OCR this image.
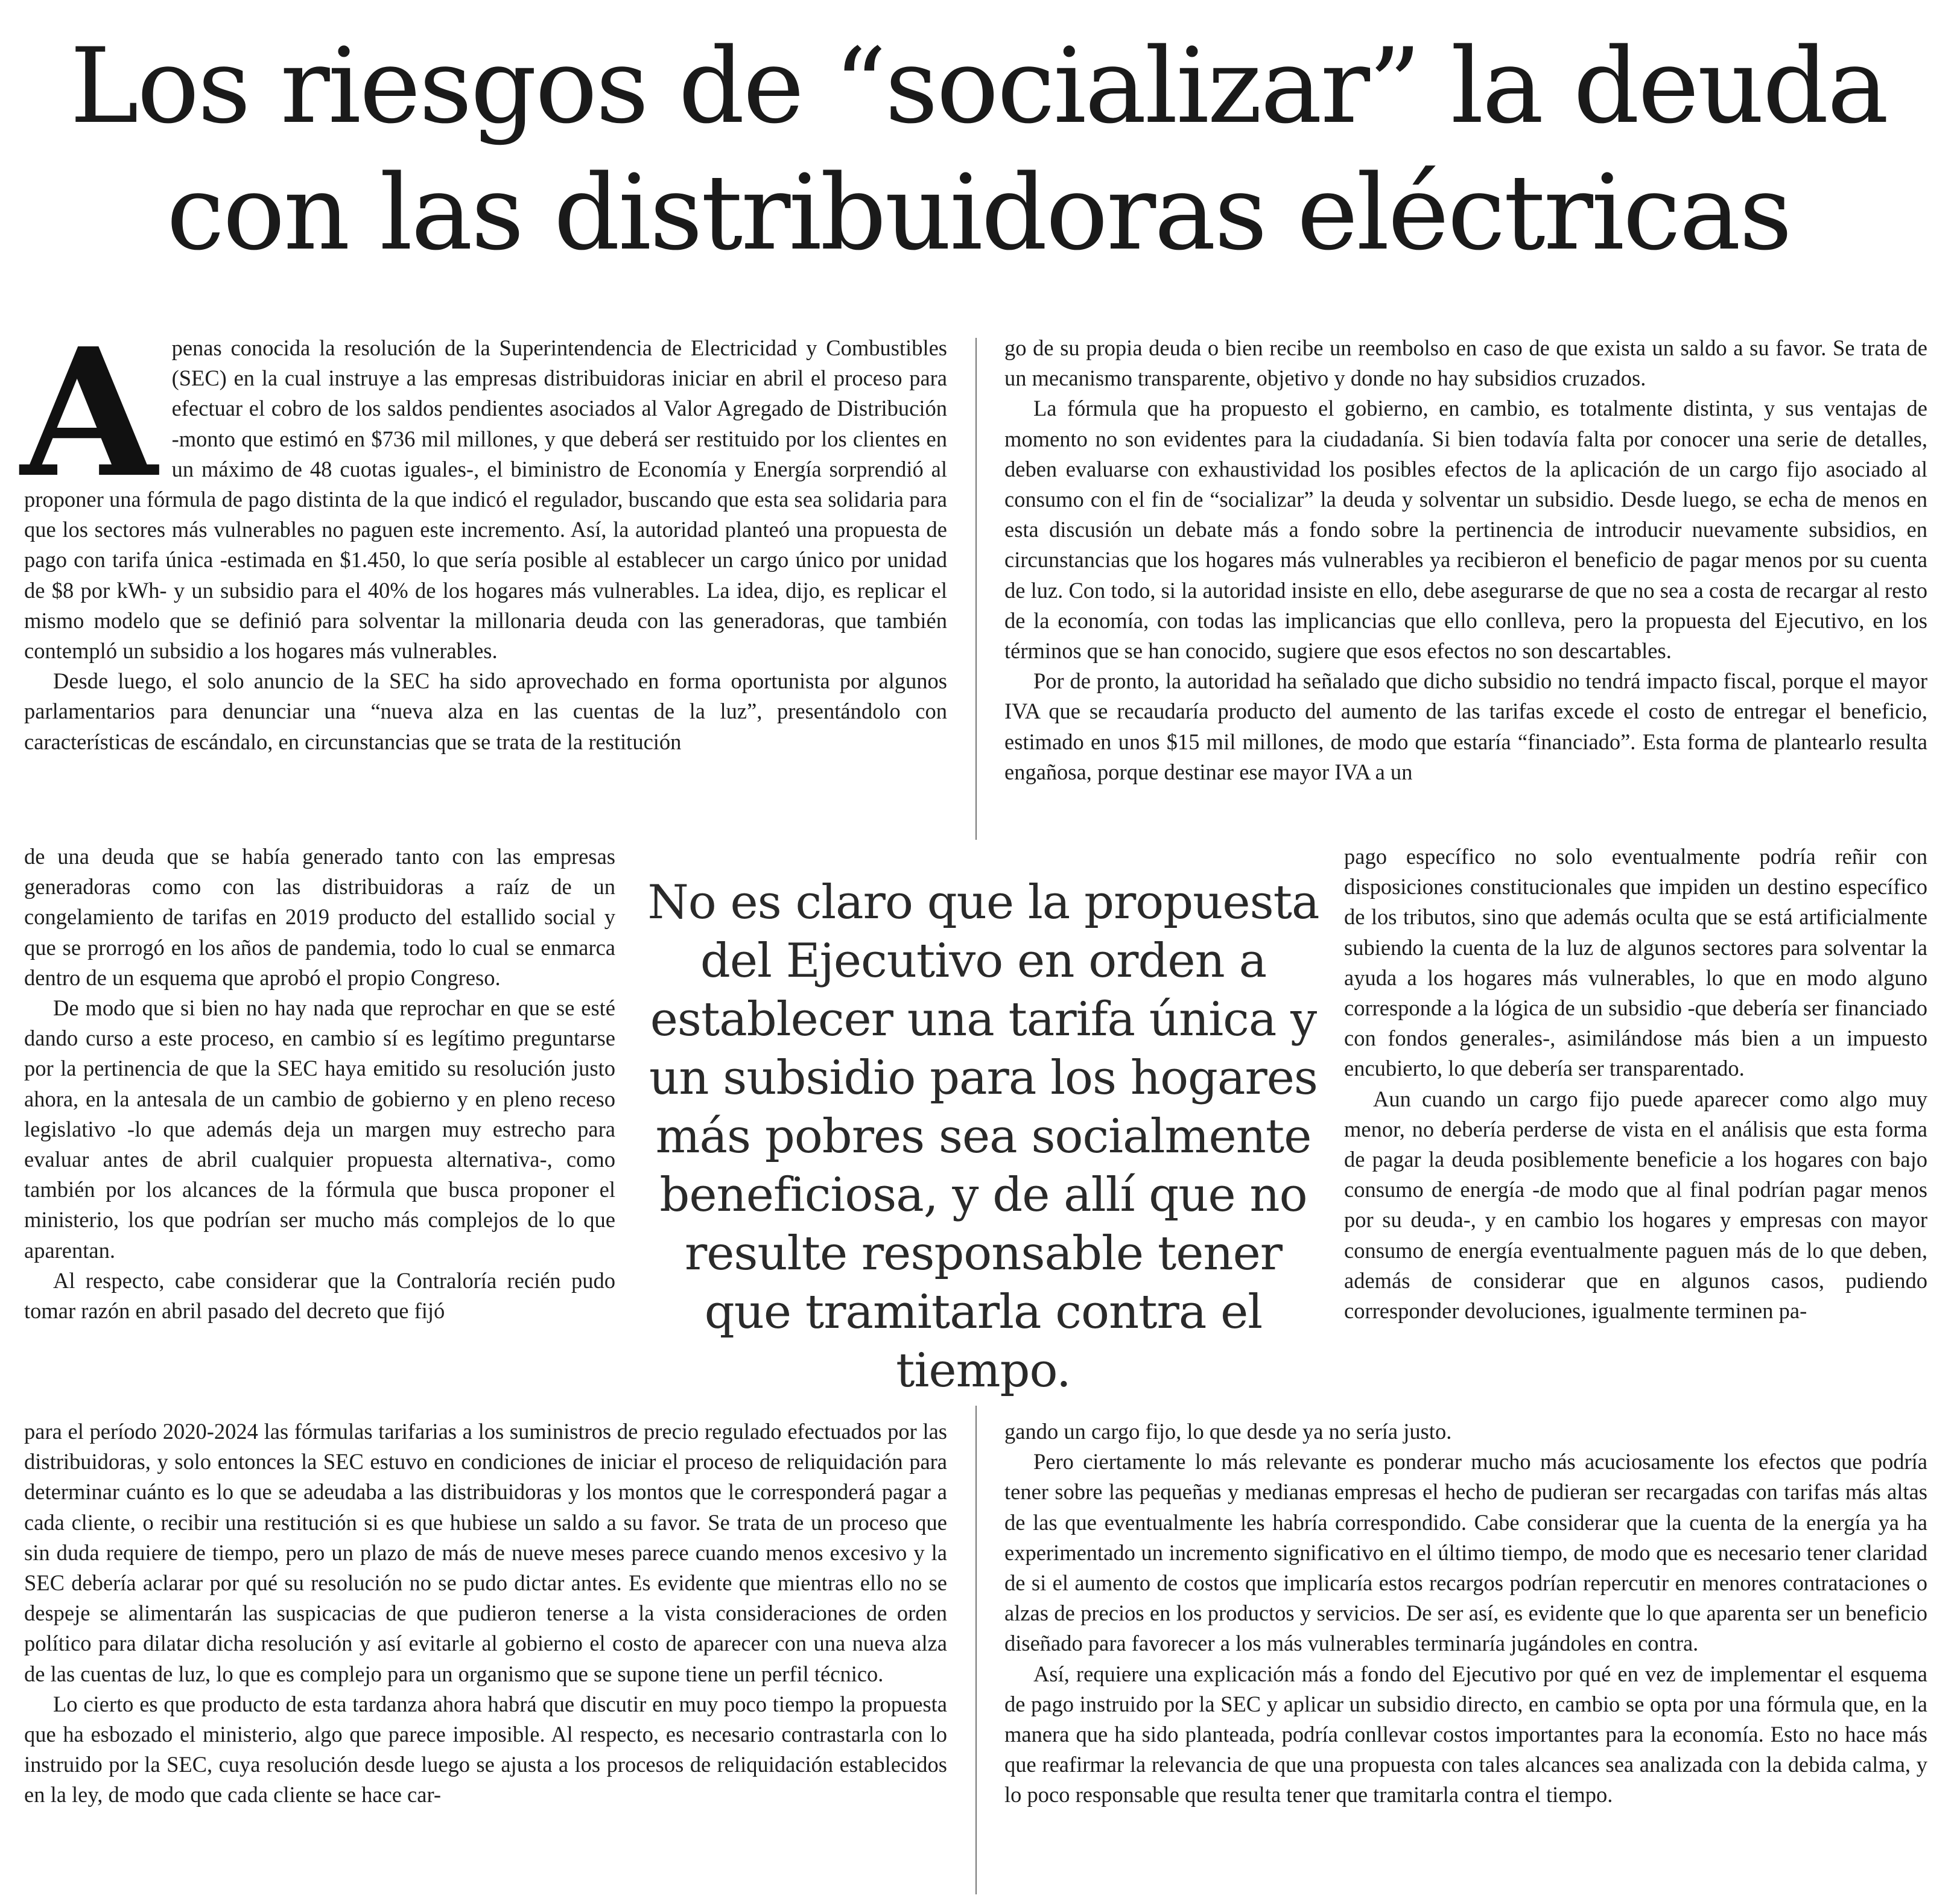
Los riesgos de “socializar” la deuda con las distribuidoras eléctricas
A penas conocida la resolución de la Superintendencia de Electricidad y Combustibles (SEC) en la cual instruye a las empresas distribuidoras iniciar en abril el proceso para efectuar el cobro de los saldos pendientes asociados al Valor Agregado de Distribución -monto que estimó en $736 mil millones, y que deberá ser restituido por los clientes en un máximo de 48 cuotas iguales-, el biministro de Economía y Energía sorprendió al proponer una fórmula de pago distinta de la que indicó el regulador, buscando que esta sea solidaria para que los sectores más vulnerables no paguen este incremento. Así, la autoridad planteó una propuesta de pago con tarifa única -estimada en $1.450, lo que sería posible al establecer un cargo único por unidad de $8 por kWh- y un subsidio para el 40% de los hogares más vulnerables. La idea, dijo, es replicar el mismo modelo que se definió para solventar la millonaria deuda con las generadoras, que también contempló un subsidio a los hogares más vulnerables.

Desde luego, el solo anuncio de la SEC ha sido aprovechado en forma oportunista por algunos parlamentarios para denunciar una “nueva alza en las cuentas de la luz”, presentándolo con características de escándalo, en circunstancias que se trata de la restitución

de una deuda que se había generado tanto con las empresas generadoras como con las distribuidoras a raíz de un congelamiento de tarifas en 2019 producto del estallido social y que se prorrogó en los años de pandemia, todo lo cual se enmarca dentro de un esquema que aprobó el propio Congreso.

De modo que si bien no hay nada que reprochar en que se esté dando curso a este proceso, en cambio sí es legítimo preguntarse por la pertinencia de que la SEC haya emitido su resolución justo ahora, en la antesala de un cambio de gobierno y en pleno receso legislativo -lo que además deja un margen muy estrecho para evaluar antes de abril cualquier propuesta alternativa-, como también por los alcances de la fórmula que busca proponer el ministerio, los que podrían ser mucho más complejos de lo que aparentan.

Al respecto, cabe considerar que la Contraloría recién pudo tomar razón en abril pasado del decreto que fijó

para el período 2020-2024 las fórmulas tarifarias a los suministros de precio regulado efectuados por las distribuidoras, y solo entonces la SEC estuvo en condiciones de iniciar el proceso de reliquidación para determinar cuánto es lo que se adeudaba a las distribuidoras y los montos que le corresponderá pagar a cada cliente, o recibir una restitución si es que hubiese un saldo a su favor. Se trata de un proceso que sin duda requiere de tiempo, pero un plazo de más de nueve meses parece cuando menos excesivo y la SEC debería aclarar por qué su resolución no se pudo dictar antes. Es evidente que mientras ello no se despeje se alimentarán las suspicacias de que pudieron tenerse a la vista consideraciones de orden político para dilatar dicha resolución y así evitarle al gobierno el costo de aparecer con una nueva alza de las cuentas de luz, lo que es complejo para un organismo que se supone tiene un perfil técnico.

Lo cierto es que producto de esta tardanza ahora habrá que discutir en muy poco tiempo la propuesta que ha esbozado el ministerio, algo que parece imposible. Al respecto, es necesario contrastarla con lo instruido por la SEC, cuya resolución desde luego se ajusta a los procesos de reliquidación establecidos en la ley, de modo que cada cliente se hace car-

No es claro que la propuesta del Ejecutivo en orden a establecer una tarifa única y un subsidio para los hogares más pobres sea socialmente beneficiosa, y de allí que no resulte responsable tener que tramitarla contra el tiempo.

go de su propia deuda o bien recibe un reembolso en caso de que exista un saldo a su favor. Se trata de un mecanismo transparente, objetivo y donde no hay subsidios cruzados.

La fórmula que ha propuesto el gobierno, en cambio, es totalmente distinta, y sus ventajas de momento no son evidentes para la ciudadanía. Si bien todavía falta por conocer una serie de detalles, deben evaluarse con exhaustividad los posibles efectos de la aplicación de un cargo fijo asociado al consumo con el fin de “socializar” la deuda y solventar un subsidio. Desde luego, se echa de menos en esta discusión un debate más a fondo sobre la pertinencia de introducir nuevamente subsidios, en circunstancias que los hogares más vulnerables ya recibieron el beneficio de pagar menos por su cuenta de luz. Con todo, si la autoridad insiste en ello, debe asegurarse de que no sea a costa de recargar al resto de la economía, con todas las implicancias que ello conlleva, pero la propuesta del Ejecutivo, en los términos que se han conocido, sugiere que esos efectos no son descartables.

Por de pronto, la autoridad ha señalado que dicho subsidio no tendrá impacto fiscal, porque el mayor IVA que se recaudaría producto del aumento de las tarifas excede el costo de entregar el beneficio, estimado en unos $15 mil millones, de modo que estaría “financiado”. Esta forma de plantearlo resulta engañosa, porque destinar ese mayor IVA a un

pago específico no solo eventualmente podría reñir con disposiciones constitucionales que impiden un destino específico de los tributos, sino que además oculta que se está artificialmente subiendo la cuenta de la luz de algunos sectores para solventar la ayuda a los hogares más vulnerables, lo que en modo alguno corresponde a la lógica de un subsidio -que debería ser financiado con fondos generales-, asimilándose más bien a un impuesto encubierto, lo que debería ser transparentado.

Aun cuando un cargo fijo puede aparecer como algo muy menor, no debería perderse de vista en el análisis que esta forma de pagar la deuda posiblemente beneficie a los hogares con bajo consumo de energía -de modo que al final podrían pagar menos por su deuda-, y en cambio los hogares y empresas con mayor consumo de energía eventualmente paguen más de lo que deben, además de considerar que en algunos casos, pudiendo corresponder devoluciones, igualmente terminen pa-

gando un cargo fijo, lo que desde ya no sería justo.

Pero ciertamente lo más relevante es ponderar mucho más acuciosamente los efectos que podría tener sobre las pequeñas y medianas empresas el hecho de pudieran ser recargadas con tarifas más altas de las que eventualmente les habría correspondido. Cabe considerar que la cuenta de la energía ya ha experimentado un incremento significativo en el último tiempo, de modo que es necesario tener claridad de si el aumento de costos que implicaría estos recargos podrían repercutir en menores contrataciones o alzas de precios en los productos y servicios. De ser así, es evidente que lo que aparenta ser un beneficio diseñado para favorecer a los más vulnerables terminaría jugándoles en contra.

Así, requiere una explicación más a fondo del Ejecutivo por qué en vez de implementar el esquema de pago instruido por la SEC y aplicar un subsidio directo, en cambio se opta por una fórmula que, en la manera que ha sido planteada, podría conllevar costos importantes para la economía. Esto no hace más que reafirmar la relevancia de que una propuesta con tales alcances sea analizada con la debida calma, y lo poco responsable que resulta tener que tramitarla contra el tiempo.
